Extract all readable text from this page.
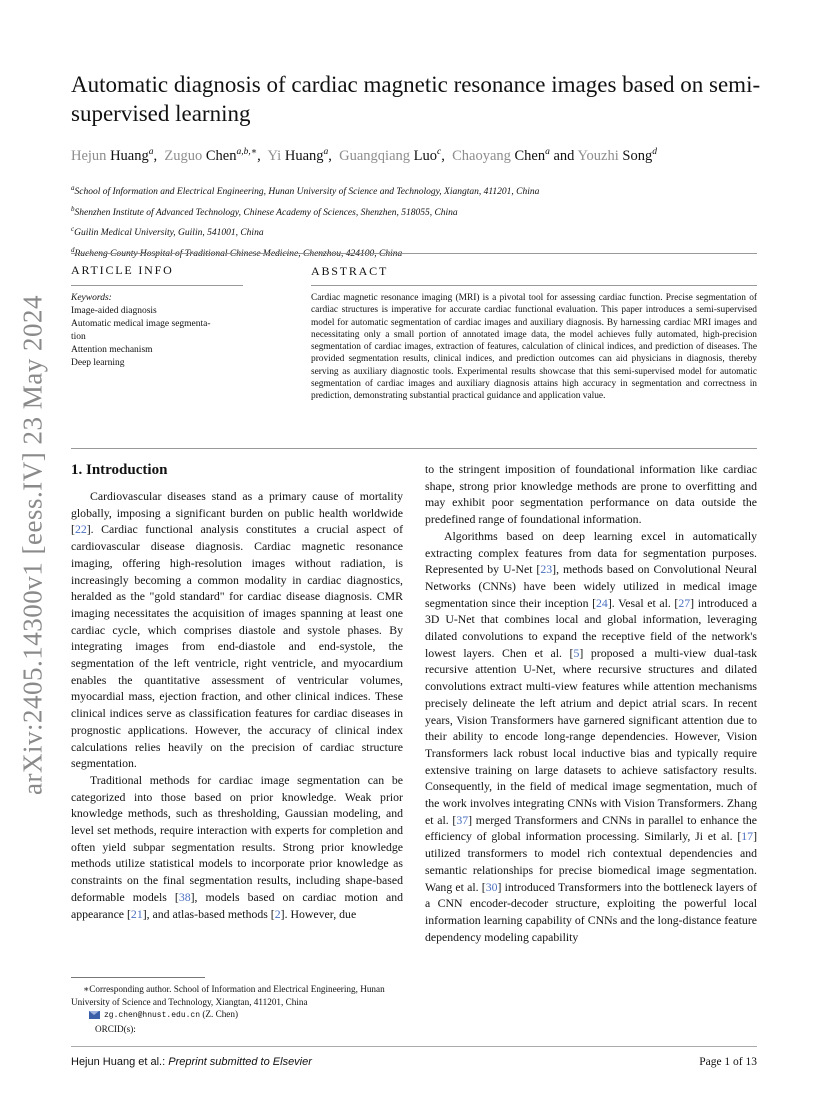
arXiv:2405.14300v1 [eess.IV] 23 May 2024
Automatic diagnosis of cardiac magnetic resonance images based on semi-supervised learning
Hejun Huang$^a$,  Zuguo Chen$^{a,b,∗}$,  Yi Huang$^a$,  Guangqiang Luo$^c$,  Chaoyang Chen$^a$ and Youzhi Song$^d$
$^a$School of Information and Electrical Engineering, Hunan University of Science and Technology, Xiangtan, 411201, China
$^b$Shenzhen Institute of Advanced Technology, Chinese Academy of Sciences, Shenzhen, 518055, China
$^c$Guilin Medical University, Guilin, 541001, China
$^d$Rucheng County Hospital of Traditional Chinese Medicine, Chenzhou, 424100, China
ARTICLE INFO
Keywords:
Image-aided diagnosis
Automatic medical image segmenta-
tion
Attention mechanism
Deep learning
ABSTRACT
Cardiac magnetic resonance imaging (MRI) is a pivotal tool for assessing cardiac function. Precise segmentation of cardiac structures is imperative for accurate cardiac functional evaluation. This paper introduces a semi-supervised model for automatic segmentation of cardiac images and auxiliary diagnosis. By harnessing cardiac MRI images and necessitating only a small portion of annotated image data, the model achieves fully automated, high-precision segmentation of cardiac images, extraction of features, calculation of clinical indices, and prediction of diseases. The provided segmentation results, clinical indices, and prediction outcomes can aid physicians in diagnosis, thereby serving as auxiliary diagnostic tools. Experimental results showcase that this semi-supervised model for automatic segmentation of cardiac images and auxiliary diagnosis attains high accuracy in segmentation and correctness in prediction, demonstrating substantial practical guidance and application value.
1. Introduction

Cardiovascular diseases stand as a primary cause of mortality globally, imposing a significant burden on public health worldwide [22]. Cardiac functional analysis constitutes a crucial aspect of cardiovascular disease diagnosis. Cardiac magnetic resonance imaging, offering high-resolution images without radiation, is increasingly becoming a common modality in cardiac diagnostics, heralded as the "gold standard" for cardiac disease diagnosis. CMR imaging necessitates the acquisition of images spanning at least one cardiac cycle, which comprises diastole and systole phases. By integrating images from end-diastole and end-systole, the segmentation of the left ventricle, right ventricle, and myocardium enables the quantitative assessment of ventricular volumes, myocardial mass, ejection fraction, and other clinical indices. These clinical indices serve as classification features for cardiac diseases in prognostic applications. However, the accuracy of clinical index calculations relies heavily on the precision of cardiac structure segmentation.

Traditional methods for cardiac image segmentation can be categorized into those based on prior knowledge. Weak prior knowledge methods, such as thresholding, Gaussian modeling, and level set methods, require interaction with experts for completion and often yield subpar segmentation results. Strong prior knowledge methods utilize statistical models to incorporate prior knowledge as constraints on the final segmentation results, including shape-based deformable models [38], models based on cardiac motion and appearance [21], and atlas-based methods [2]. However, due

∗Corresponding author. School of Information and Electrical Engineering, Hunan University of Science and Technology, Xiangtan, 411201, China
zg.chen@hnust.edu.cn (Z. Chen)
ORCID(s):

to the stringent imposition of foundational information like cardiac shape, strong prior knowledge methods are prone to overfitting and may exhibit poor segmentation performance on data outside the predefined range of foundational information.

Algorithms based on deep learning excel in automatically extracting complex features from data for segmentation purposes. Represented by U-Net [23], methods based on Convolutional Neural Networks (CNNs) have been widely utilized in medical image segmentation since their inception [24]. Vesal et al. [27] introduced a 3D U-Net that combines local and global information, leveraging dilated convolutions to expand the receptive field of the network's lowest layers. Chen et al. [5] proposed a multi-view dual-task recursive attention U-Net, where recursive structures and dilated convolutions extract multi-view features while attention mechanisms precisely delineate the left atrium and depict atrial scars. In recent years, Vision Transformers have garnered significant attention due to their ability to encode long-range dependencies. However, Vision Transformers lack robust local inductive bias and typically require extensive training on large datasets to achieve satisfactory results. Consequently, in the field of medical image segmentation, much of the work involves integrating CNNs with Vision Transformers. Zhang et al. [37] merged Transformers and CNNs in parallel to enhance the efficiency of global information processing. Similarly, Ji et al. [17] utilized transformers to model rich contextual dependencies and semantic relationships for precise biomedical image segmentation. Wang et al. [30] introduced Transformers into the bottleneck layers of a CNN encoder-decoder structure, exploiting the powerful local information learning capability of CNNs and the long-distance feature dependency modeling capability

Hejun Huang et al.: Preprint submitted to Elsevier	Page 1 of 13
